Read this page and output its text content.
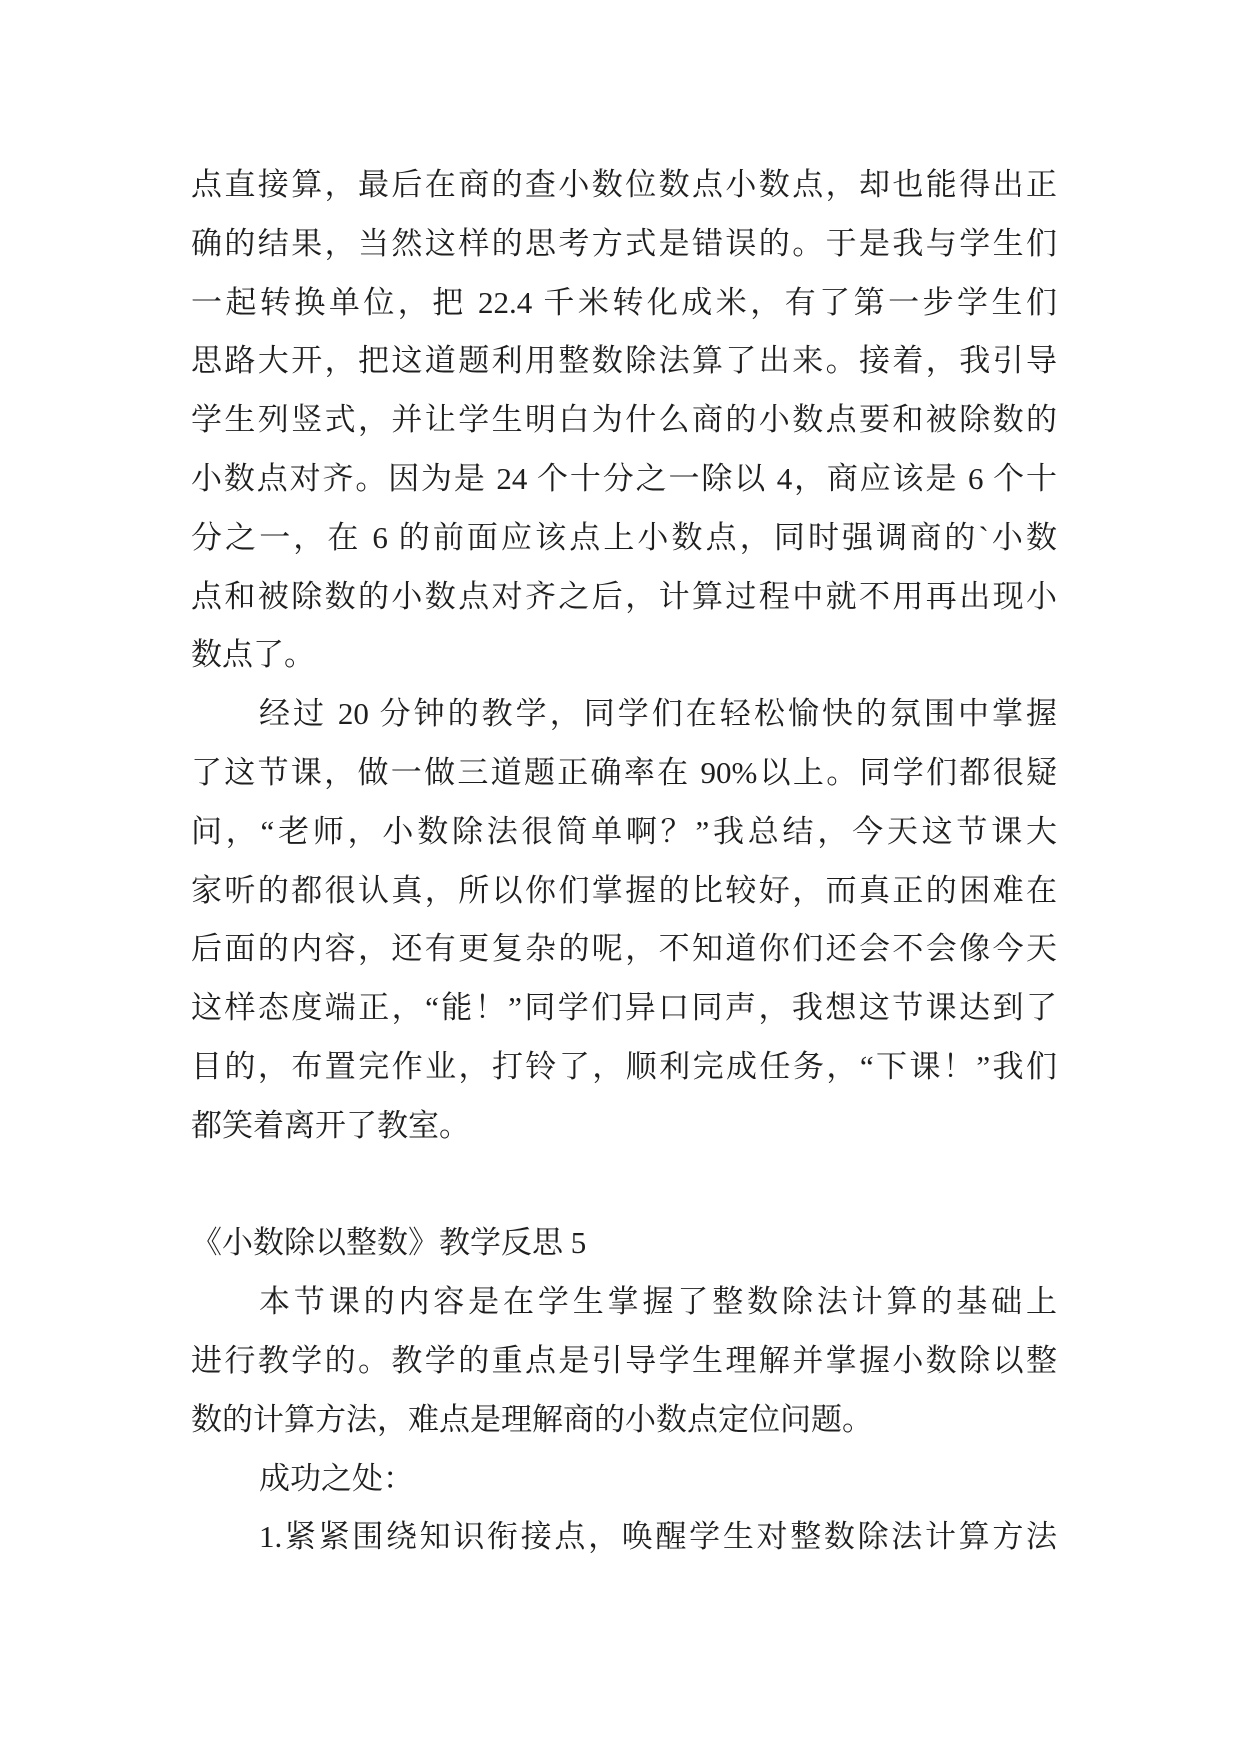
点直接算，最后在商的查小数位数点小数点，却也能得出正
确的结果，当然这样的思考方式是错误的。于是我与学生们
一起转换单位，把 22.4 千米转化成米，有了第一步学生们
思路大开，把这道题利用整数除法算了出来。接着，我引导
学生列竖式，并让学生明白为什么商的小数点要和被除数的
小数点对齐。因为是 24 个十分之一除以 4，商应该是 6 个十
分之一，在 6 的前面应该点上小数点，同时强调商的`小数
点和被除数的小数点对齐之后，计算过程中就不用再出现小
数点了。
经过 20 分钟的教学，同学们在轻松愉快的氛围中掌握
了这节课，做一做三道题正确率在 90%以上。同学们都很疑
问，“老师，小数除法很简单啊？”我总结，今天这节课大
家听的都很认真，所以你们掌握的比较好，而真正的困难在
后面的内容，还有更复杂的呢，不知道你们还会不会像今天
这样态度端正，“能！”同学们异口同声，我想这节课达到了
目的，布置完作业，打铃了，顺利完成任务，“下课！”我们
都笑着离开了教室。
《小数除以整数》教学反思 5
本节课的内容是在学生掌握了整数除法计算的基础上
进行教学的。教学的重点是引导学生理解并掌握小数除以整
数的计算方法，难点是理解商的小数点定位问题。
成功之处：
1.紧紧围绕知识衔接点，唤醒学生对整数除法计算方法
